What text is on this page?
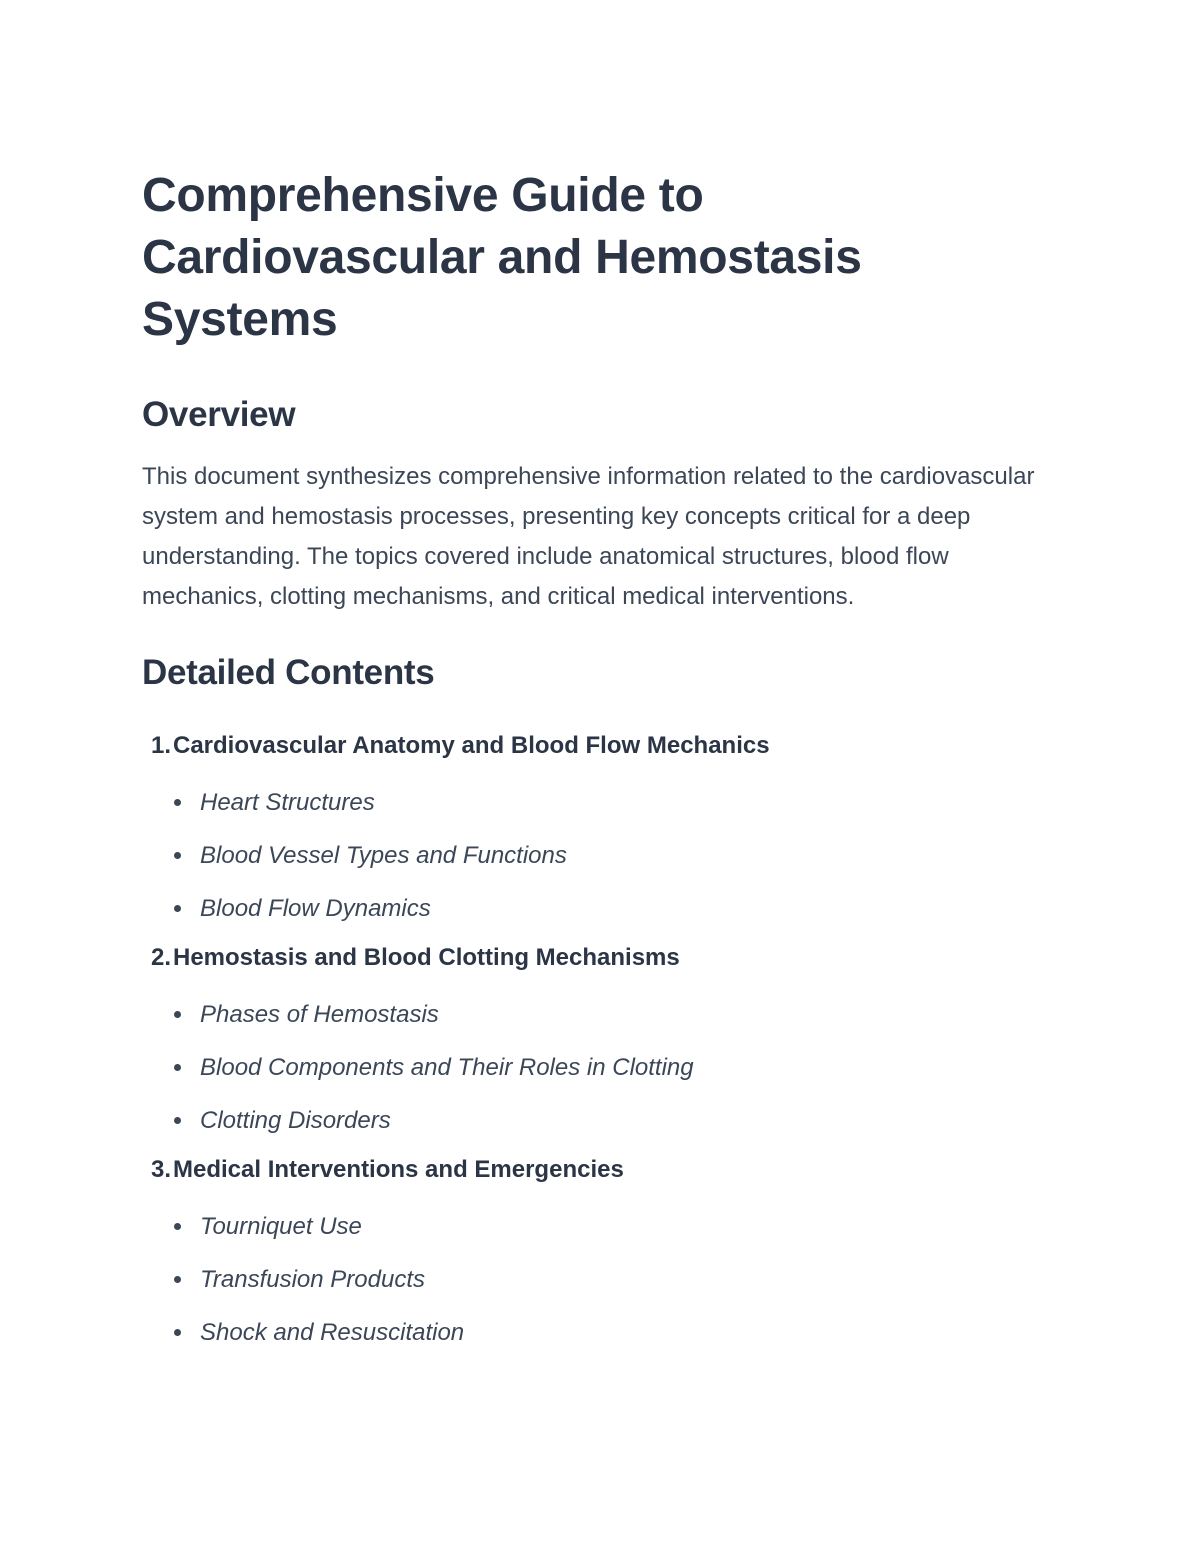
Comprehensive Guide to Cardiovascular and Hemostasis Systems
Overview

This document synthesizes comprehensive information related to the cardiovascular system and hemostasis processes, presenting key concepts critical for a deep understanding. The topics covered include anatomical structures, blood flow mechanics, clotting mechanisms, and critical medical interventions.

Detailed Contents
1. Cardiovascular Anatomy and Blood Flow Mechanics
Heart Structures
Blood Vessel Types and Functions
Blood Flow Dynamics
2. Hemostasis and Blood Clotting Mechanisms
Phases of Hemostasis
Blood Components and Their Roles in Clotting
Clotting Disorders
3. Medical Interventions and Emergencies
Tourniquet Use
Transfusion Products
Shock and Resuscitation
